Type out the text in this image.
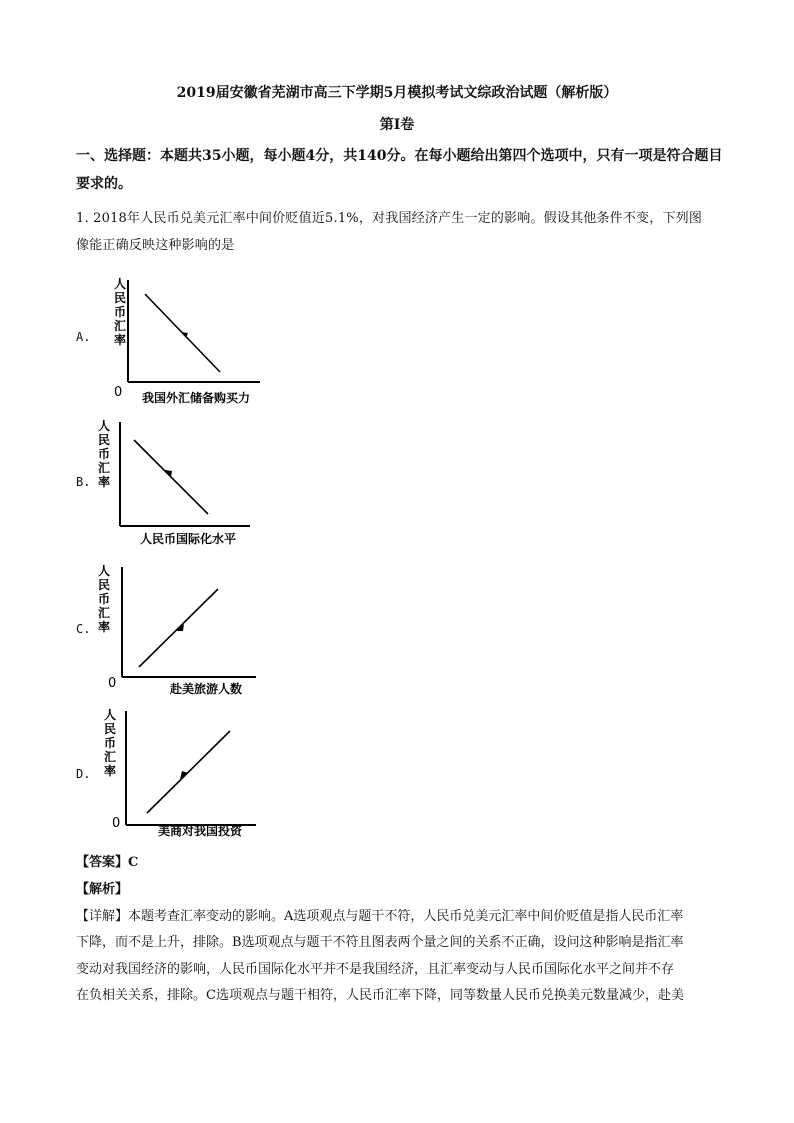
2019届安徽省芜湖市高三下学期5月模拟考试文综政治试题（解析版）
第Ⅰ卷
一、选择题：本题共35小题，每小题4分，共140分。在每小题给出第四个选项中，只有一项是符合题目
要求的。
1. 2018年人民币兑美元汇率中间价贬值近5.1%，对我国经济产生一定的影响。假设其他条件不变，下列图
像能正确反映这种影响的是
A.
人民币汇率
0 我国外汇储备购买力
B.
人民币汇率
人民币国际化水平
C.
人民币汇率
0	赴美旅游人数
D.
人民币汇率
0	美商对我国投资
【答案】C
【解析】
【详解】本题考查汇率变动的影响。A选项观点与题干不符，人民币兑美元汇率中间价贬值是指人民币汇率
下降，而不是上升，排除。B选项观点与题干不符且图表两个量之间的关系不正确，设问这种影响是指汇率
变动对我国经济的影响，人民币国际化水平并不是我国经济，且汇率变动与人民币国际化水平之间并不存
在负相关关系，排除。C选项观点与题干相符，人民币汇率下降，同等数量人民币兑换美元数量减少，赴美
